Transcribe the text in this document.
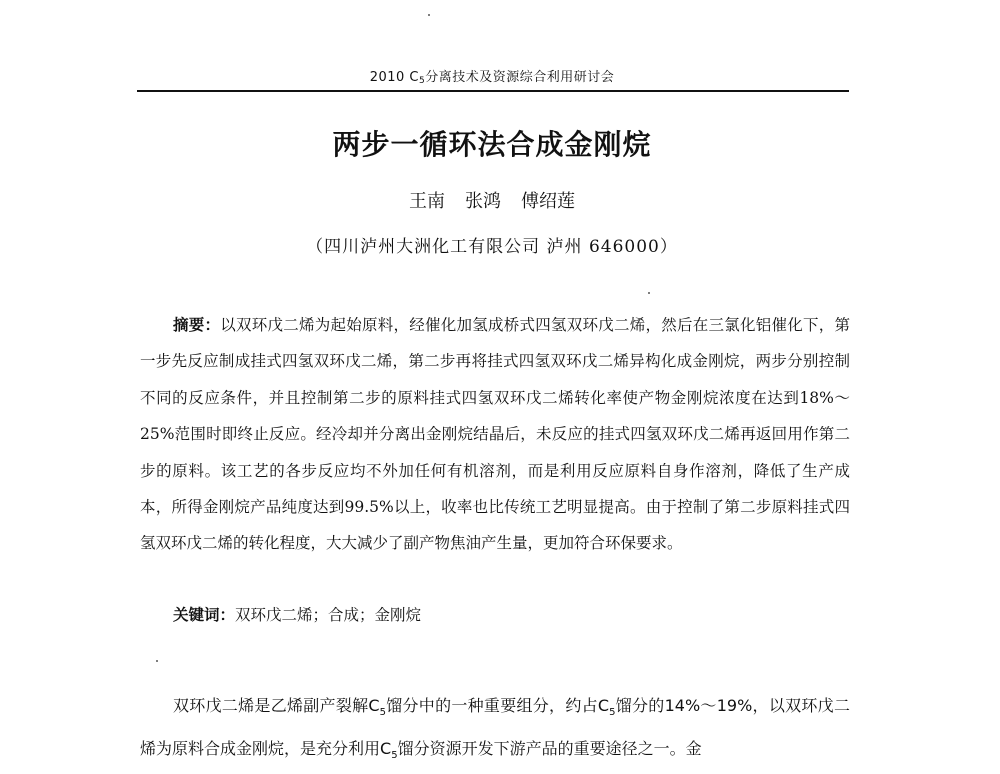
2010 $C_5$分离技术及资源综合利用研讨会
两步一循环法合成金刚烷
王南 张鸿 傅绍莲
（四川泸州大洲化工有限公司 泸州 646000）
摘要：以双环戊二烯为起始原料，经催化加氢成桥式四氢双环戊二烯，然后在三氯化铝催化下，第一步先反应制成挂式四氢双环戊二烯，第二步再将挂式四氢双环戊二烯异构化成金刚烷，两步分别控制不同的反应条件，并且控制第二步的原料挂式四氢双环戊二烯转化率使产物金刚烷浓度在达到18%～25%范围时即终止反应。经冷却并分离出金刚烷结晶后，未反应的挂式四氢双环戊二烯再返回用作第二步的原料。该工艺的各步反应均不外加任何有机溶剂，而是利用反应原料自身作溶剂，降低了生产成本，所得金刚烷产品纯度达到99.5%以上，收率也比传统工艺明显提高。由于控制了第二步原料挂式四氢双环戊二烯的转化程度，大大减少了副产物焦油产生量，更加符合环保要求。
关键词：双环戊二烯；合成；金刚烷
双环戊二烯是乙烯副产裂解$C_5$馏分中的一种重要组分，约占$C_5$馏分的14%～19%，以双环戊二烯为原料合成金刚烷，是充分利用$C_5$馏分资源开发下游产品的重要途径之一。金
